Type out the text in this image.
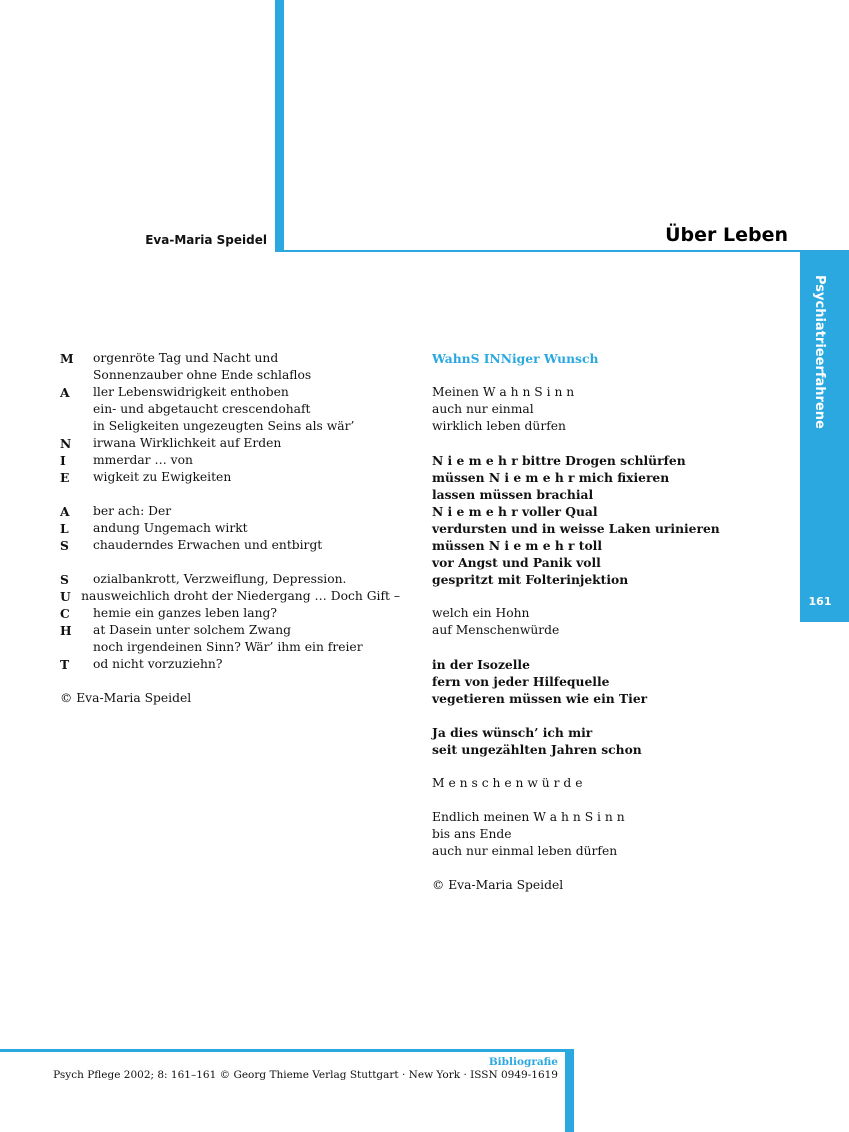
Eva-Maria Speidel	Über Leben
Psychiatrieerfahrene
161
M	orgenröte Tag und Nacht und
Sonnenzauber ohne Ende schlaflos
A	ller Lebenswidrigkeit enthoben
ein- und abgetaucht crescendohaft
in Seligkeiten ungezeugten Seins als wär’
N	irwana Wirklichkeit auf Erden
I	mmerdar … von
E	wigkeit zu Ewigkeiten
A	ber ach: Der
L	andung Ungemach wirkt
S	chauderndes Erwachen und entbirgt
S	ozialbankrott, Verzweiflung, Depression.
U nausweichlich droht der Niedergang … Doch Gift –
C	hemie ein ganzes leben lang?
H	at Dasein unter solchem Zwang
noch irgendeinen Sinn? Wär’ ihm ein freier
T	od nicht vorzuziehn?
© Eva-Maria Speidel
WahnS INNiger Wunsch
Meinen W a h n S i n n
auch nur einmal
wirklich leben dürfen
N i e m e h r bittre Drogen schlürfen
müssen N i e m e h r mich fixieren
lassen müssen brachial
N i e m e h r voller Qual
verdursten und in weisse Laken urinieren
müssen N i e m e h r toll
vor Angst und Panik voll
gespritzt mit Folterinjektion
welch ein Hohn
auf Menschenwürde
in der Isozelle
fern von jeder Hilfequelle
vegetieren müssen wie ein Tier
Ja dies wünsch’ ich mir
seit ungezählten Jahren schon
M e n s c h e n w ü r d e
Endlich meinen W a h n S i n n
bis ans Ende
auch nur einmal leben dürfen
© Eva-Maria Speidel
Bibliografie
Psych Pflege 2002; 8: 161–161 © Georg Thieme Verlag Stuttgart · New York · ISSN 0949-1619
